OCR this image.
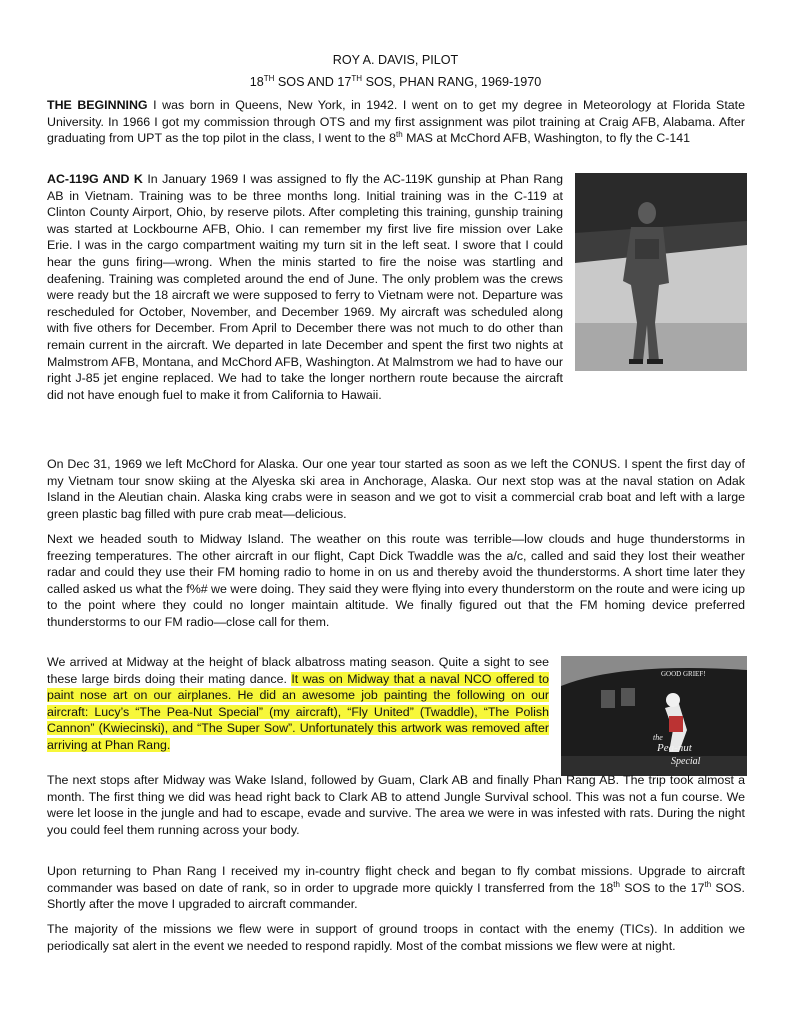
ROY A. DAVIS, PILOT
18TH SOS AND 17TH SOS, PHAN RANG, 1969-1970

THE BEGINNING I was born in Queens, New York, in 1942. I went on to get my degree in Meteorology at Florida State University. In 1966 I got my commission through OTS and my first assignment was pilot training at Craig AFB, Alabama. After graduating from UPT as the top pilot in the class, I went to the 8th MAS at McChord AFB, Washington, to fly the C-141

AC-119G AND K In January 1969 I was assigned to fly the AC-119K gunship at Phan Rang AB in Vietnam. Training was to be three months long. Initial training was in the C-119 at Clinton County Airport, Ohio, by reserve pilots. After completing this training, gunship training was started at Lockbourne AFB, Ohio. I can remember my first live fire mission over Lake Erie. I was in the cargo compartment waiting my turn sit in the left seat. I swore that I could hear the guns firing—wrong. When the minis started to fire the noise was startling and deafening. Training was completed around the end of June. The only problem was the crews were ready but the 18 aircraft we were supposed to ferry to Vietnam were not. Departure was rescheduled for October, November, and December 1969. My aircraft was scheduled along with five others for December. From April to December there was not much to do other than remain current in the aircraft. We departed in late December and spent the first two nights at Malmstrom AFB, Montana, and McChord AFB, Washington. At Malmstrom we had to have our right J-85 jet engine replaced. We had to take the longer northern route because the aircraft did not have enough fuel to make it from California to Hawaii.

On Dec 31, 1969 we left McChord for Alaska. Our one year tour started as soon as we left the CONUS. I spent the first day of my Vietnam tour snow skiing at the Alyeska ski area in Anchorage, Alaska. Our next stop was at the naval station on Adak Island in the Aleutian chain. Alaska king crabs were in season and we got to visit a commercial crab boat and left with a large green plastic bag filled with pure crab meat—delicious.

Next we headed south to Midway Island. The weather on this route was terrible—low clouds and huge thunderstorms in freezing temperatures. The other aircraft in our flight, Capt Dick Twaddle was the a/c, called and said they lost their weather radar and could they use their FM homing radio to home in on us and thereby avoid the thunderstorms. A short time later they called asked us what the f%# we were doing. They said they were flying into every thunderstorm on the route and were icing up to the point where they could no longer maintain altitude. We finally figured out that the FM homing device preferred thunderstorms to our FM radio—close call for them.

GOOD GRIEF!
the
Pea-nut
Special
We arrived at Midway at the height of black albatross mating season. Quite a sight to see these large birds doing their mating dance. It was on Midway that a naval NCO offered to paint nose art on our airplanes. He did an awesome job painting the following on our aircraft: Lucy’s “The Pea-Nut Special” (my aircraft), “Fly United” (Twaddle), “The Polish Cannon” (Kwiecinski), and “The Super Sow”. Unfortunately this artwork was removed after arriving at Phan Rang.

The next stops after Midway was Wake Island, followed by Guam, Clark AB and finally Phan Rang AB. The trip took almost a month. The first thing we did was head right back to Clark AB to attend Jungle Survival school. This was not a fun course. We were let loose in the jungle and had to escape, evade and survive. The area we were in was infested with rats. During the night you could feel them running across your body.

Upon returning to Phan Rang I received my in-country flight check and began to fly combat missions. Upgrade to aircraft commander was based on date of rank, so in order to upgrade more quickly I transferred from the 18th SOS to the 17th SOS. Shortly after the move I upgraded to aircraft commander.

The majority of the missions we flew were in support of ground troops in contact with the enemy (TICs). In addition we periodically sat alert in the event we needed to respond rapidly. Most of the combat missions we flew were at night.
